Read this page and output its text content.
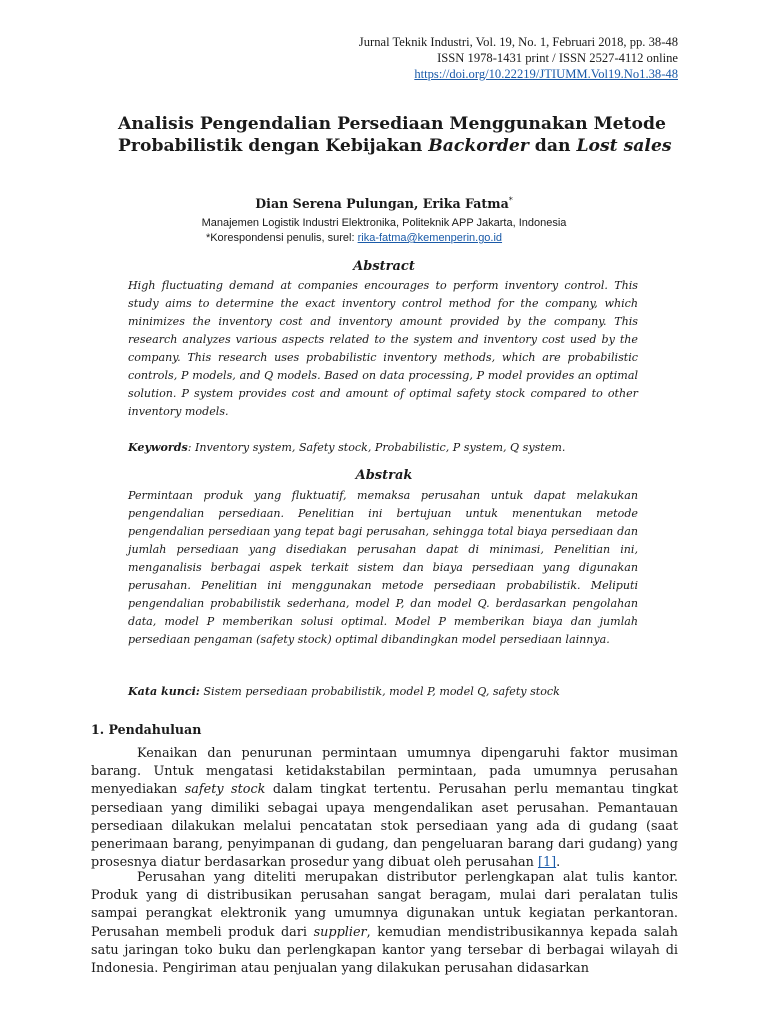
Jurnal Teknik Industri, Vol. 19, No. 1, Februari 2018, pp. 38-48
ISSN 1978-1431 print / ISSN 2527-4112 online
https://doi.org/10.22219/JTIUMM.Vol19.No1.38-48
Analisis Pengendalian Persediaan Menggunakan Metode Probabilistik dengan Kebijakan Backorder dan Lost sales
Dian Serena Pulungan, Erika Fatma*
Manajemen Logistik Industri Elektronika, Politeknik APP Jakarta, Indonesia
*Korespondensi penulis, surel: rika-fatma@kemenperin.go.id
Abstract

High fluctuating demand at companies encourages to perform inventory control. This study aims to determine the exact inventory control method for the company, which minimizes the inventory cost and inventory amount provided by the company. This research analyzes various aspects related to the system and inventory cost used by the company. This research uses probabilistic inventory methods, which are probabilistic controls, P models, and Q models. Based on data processing, P model provides an optimal solution. P system provides cost and amount of optimal safety stock compared to other inventory models.

Keywords: Inventory system, Safety stock, Probabilistic, P system, Q system.

Abstrak

Permintaan produk yang fluktuatif, memaksa perusahan untuk dapat melakukan pengendalian persediaan. Penelitian ini bertujuan untuk menentukan metode pengendalian persediaan yang tepat bagi perusahan, sehingga total biaya persediaan dan jumlah persediaan yang disediakan perusahan dapat di minimasi, Penelitian ini, menganalisis berbagai aspek terkait sistem dan biaya persediaan yang digunakan perusahan. Penelitian ini menggunakan metode persediaan probabilistik. Meliputi pengendalian probabilistik sederhana, model P, dan model Q. berdasarkan pengolahan data, model P memberikan solusi optimal. Model P memberikan biaya dan jumlah persediaan pengaman (safety stock) optimal dibandingkan model persediaan lainnya.

Kata kunci: Sistem persediaan probabilistik, model P, model Q, safety stock

1. Pendahuluan

Kenaikan dan penurunan permintaan umumnya dipengaruhi faktor musiman barang. Untuk mengatasi ketidakstabilan permintaan, pada umumnya perusahan menyediakan safety stock dalam tingkat tertentu. Perusahan perlu memantau tingkat persediaan yang dimiliki sebagai upaya mengendalikan aset perusahan. Pemantauan persediaan dilakukan melalui pencatatan stok persediaan yang ada di gudang (saat penerimaan barang, penyimpanan di gudang, dan pengeluaran barang dari gudang) yang prosesnya diatur berdasarkan prosedur yang dibuat oleh perusahan [1].

Perusahan yang diteliti merupakan distributor perlengkapan alat tulis kantor. Produk yang di distribusikan perusahan sangat beragam, mulai dari peralatan tulis sampai perangkat elektronik yang umumnya digunakan untuk kegiatan perkantoran. Perusahan membeli produk dari supplier, kemudian mendistribusikannya kepada salah satu jaringan toko buku dan perlengkapan kantor yang tersebar di berbagai wilayah di Indonesia. Pengiriman atau penjualan yang dilakukan perusahan didasarkan
